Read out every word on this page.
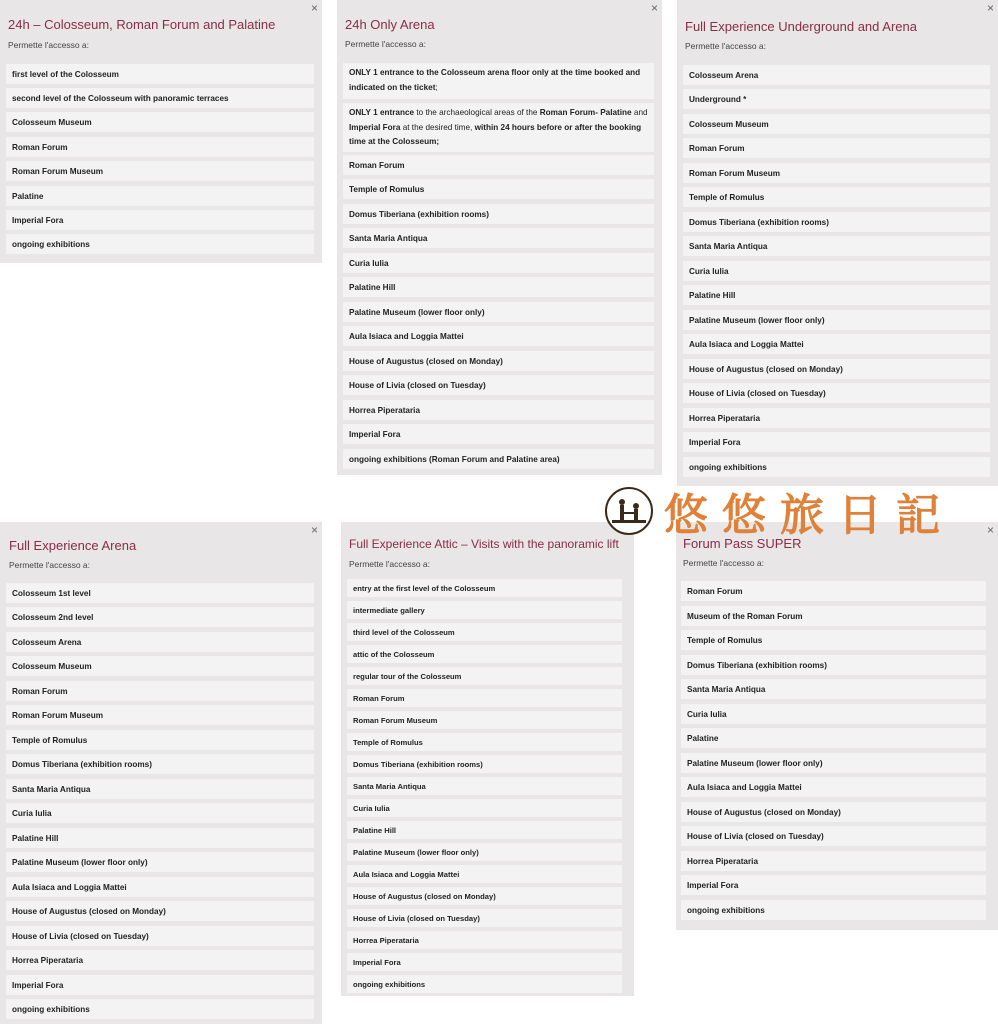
24h – Colosseum, Roman Forum and Palatine
×
Permette l'accesso a:
first level of the Colosseum
second level of the Colosseum with panoramic terraces
Colosseum Museum
Roman Forum
Roman Forum Museum
Palatine
Imperial Fora
ongoing exhibitions
24h Only Arena
×
Permette l'accesso a:
ONLY 1 entrance to the Colosseum arena floor only at the time booked and indicated on the ticket;
ONLY 1 entrance to the archaeological areas of the Roman Forum- Palatine and Imperial Fora at the desired time, within 24 hours before or after the booking time at the Colosseum;
Roman Forum
Temple of Romulus
Domus Tiberiana (exhibition rooms)
Santa Maria Antiqua
Curia Iulia
Palatine Hill
Palatine Museum (lower floor only)
Aula Isiaca and Loggia Mattei
House of Augustus (closed on Monday)
House of Livia (closed on Tuesday)
Horrea Piperataria
Imperial Fora
ongoing exhibitions (Roman Forum and Palatine area)
Full Experience Underground and Arena
×
Permette l'accesso a:
Colosseum Arena
Underground *
Colosseum Museum
Roman Forum
Roman Forum Museum
Temple of Romulus
Domus Tiberiana (exhibition rooms)
Santa Maria Antiqua
Curia Iulia
Palatine Hill
Palatine Museum (lower floor only)
Aula Isiaca and Loggia Mattei
House of Augustus (closed on Monday)
House of Livia (closed on Tuesday)
Horrea Piperataria
Imperial Fora
ongoing exhibitions
Full Experience Arena
×
Permette l'accesso a:
Colosseum 1st level
Colosseum 2nd level
Colosseum Arena
Colosseum Museum
Roman Forum
Roman Forum Museum
Temple of Romulus
Domus Tiberiana (exhibition rooms)
Santa Maria Antiqua
Curia Iulia
Palatine Hill
Palatine Museum (lower floor only)
Aula Isiaca and Loggia Mattei
House of Augustus (closed on Monday)
House of Livia (closed on Tuesday)
Horrea Piperataria
Imperial Fora
ongoing exhibitions
Full Experience Attic – Visits with the panoramic lift
Permette l'accesso a:
entry at the first level of the Colosseum
intermediate gallery
third level of the Colosseum
attic of the Colosseum
regular tour of the Colosseum
Roman Forum
Roman Forum Museum
Temple of Romulus
Domus Tiberiana (exhibition rooms)
Santa Maria Antiqua
Curia Iulia
Palatine Hill
Palatine Museum (lower floor only)
Aula Isiaca and Loggia Mattei
House of Augustus (closed on Monday)
House of Livia (closed on Tuesday)
Horrea Piperataria
Imperial Fora
ongoing exhibitions
Forum Pass SUPER
×
Permette l'accesso a:
Roman Forum
Museum of the Roman Forum
Temple of Romulus
Domus Tiberiana (exhibition rooms)
Santa Maria Antiqua
Curia Iulia
Palatine
Palatine Museum (lower floor only)
Aula Isiaca and Loggia Mattei
House of Augustus (closed on Monday)
House of Livia (closed on Tuesday)
Horrea Piperataria
Imperial Fora
ongoing exhibitions
悠 悠 旅 日 記
